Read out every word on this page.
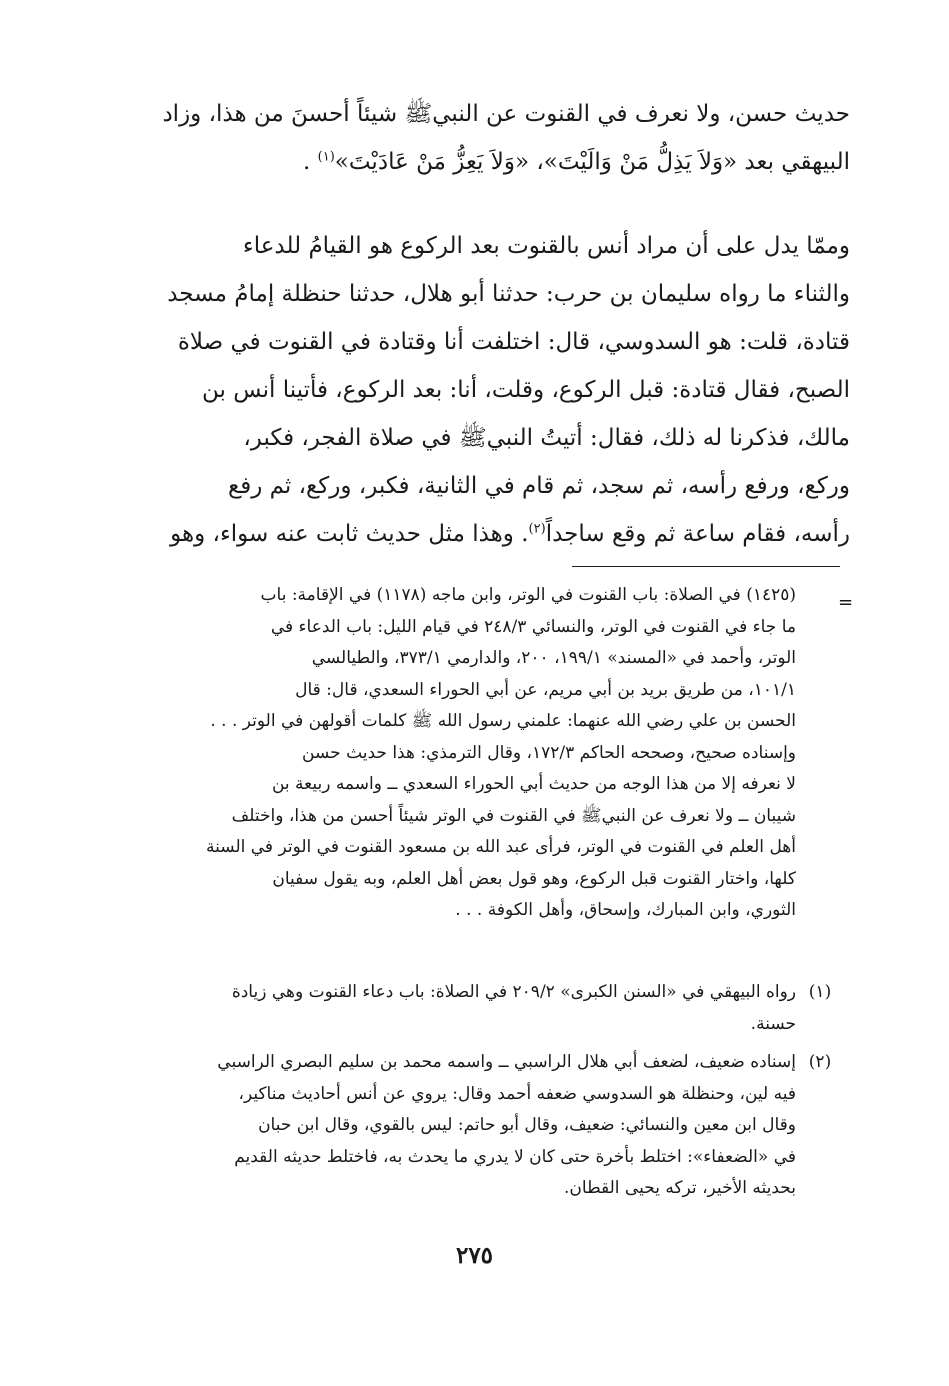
حديث حسن، ولا نعرف في القنوت عن النبيﷺ شيئاً أحسنَ من هذا، وزاد

البيهقي بعد «وَلاَ يَذِلُّ مَنْ وَالَيْتَ»، «وَلاَ يَعِزُّ مَنْ عَادَيْتَ»$^{(١)}$ .

وممّا يدل على أن مراد أنس بالقنوت بعد الركوع هو القيامُ للدعاء

والثناء ما رواه سليمان بن حرب: حدثنا أبو هلال، حدثنا حنظلة إمامُ مسجد

قتادة، قلت: هو السدوسي، قال: اختلفت أنا وقتادة في القنوت في صلاة

الصبح، فقال قتادة: قبل الركوع، وقلت، أنا: بعد الركوع، فأتينا أنس بن

مالك، فذكرنا له ذلك، فقال: أتيتُ النبيﷺ في صلاة الفجر، فكبر،

وركع، ورفع رأسه، ثم سجد، ثم قام في الثانية، فكبر، وركع، ثم رفع

رأسه، فقام ساعة ثم وقع ساجداً$^{(٢)}$. وهذا مثل حديث ثابت عنه سواء، وهو

=

(١٤٢٥) في الصلاة: باب القنوت في الوتر، وابن ماجه (١١٧٨) في الإقامة: باب

ما جاء في القنوت في الوتر، والنسائي ٢٤٨/٣ في قيام الليل: باب الدعاء في

الوتر، وأحمد في «المسند» ١٩٩/١، ٢٠٠، والدارمي ٣٧٣/١، والطيالسي

١٠١/١، من طريق بريد بن أبي مريم، عن أبي الحوراء السعدي، قال: قال

الحسن بن علي رضي الله عنهما: علمني رسول الله ﷺ كلمات أقولهن في الوتر . . .

وإسناده صحيح، وصححه الحاكم ١٧٢/٣، وقال الترمذي: هذا حديث حسن

لا نعرفه إلا من هذا الوجه من حديث أبي الحوراء السعدي ــ واسمه ربيعة بن

شيبان ــ ولا نعرف عن النبيﷺ في القنوت في الوتر شيئاً أحسن من هذا، واختلف

أهل العلم في القنوت في الوتر، فرأى عبد الله بن مسعود القنوت في الوتر في السنة

كلها، واختار القنوت قبل الركوع، وهو قول بعض أهل العلم، وبه يقول سفيان

الثوري، وابن المبارك، وإسحاق، وأهل الكوفة . . .

(١)

رواه البيهقي في «السنن الكبرى» ٢٠٩/٢ في الصلاة: باب دعاء القنوت وهي زيادة

حسنة.

(٢)

إسناده ضعيف، لضعف أبي هلال الراسبي ــ واسمه محمد بن سليم البصري الراسبي

فيه لين، وحنظلة هو السدوسي ضعفه أحمد وقال: يروي عن أنس أحاديث مناكير،

وقال ابن معين والنسائي: ضعيف، وقال أبو حاتم: ليس بالقوي، وقال ابن حبان

في «الضعفاء»: اختلط بأخرة حتى كان لا يدري ما يحدث به، فاختلط حديثه القديم

بحديثه الأخير، تركه يحيى القطان.

٢٧٥
